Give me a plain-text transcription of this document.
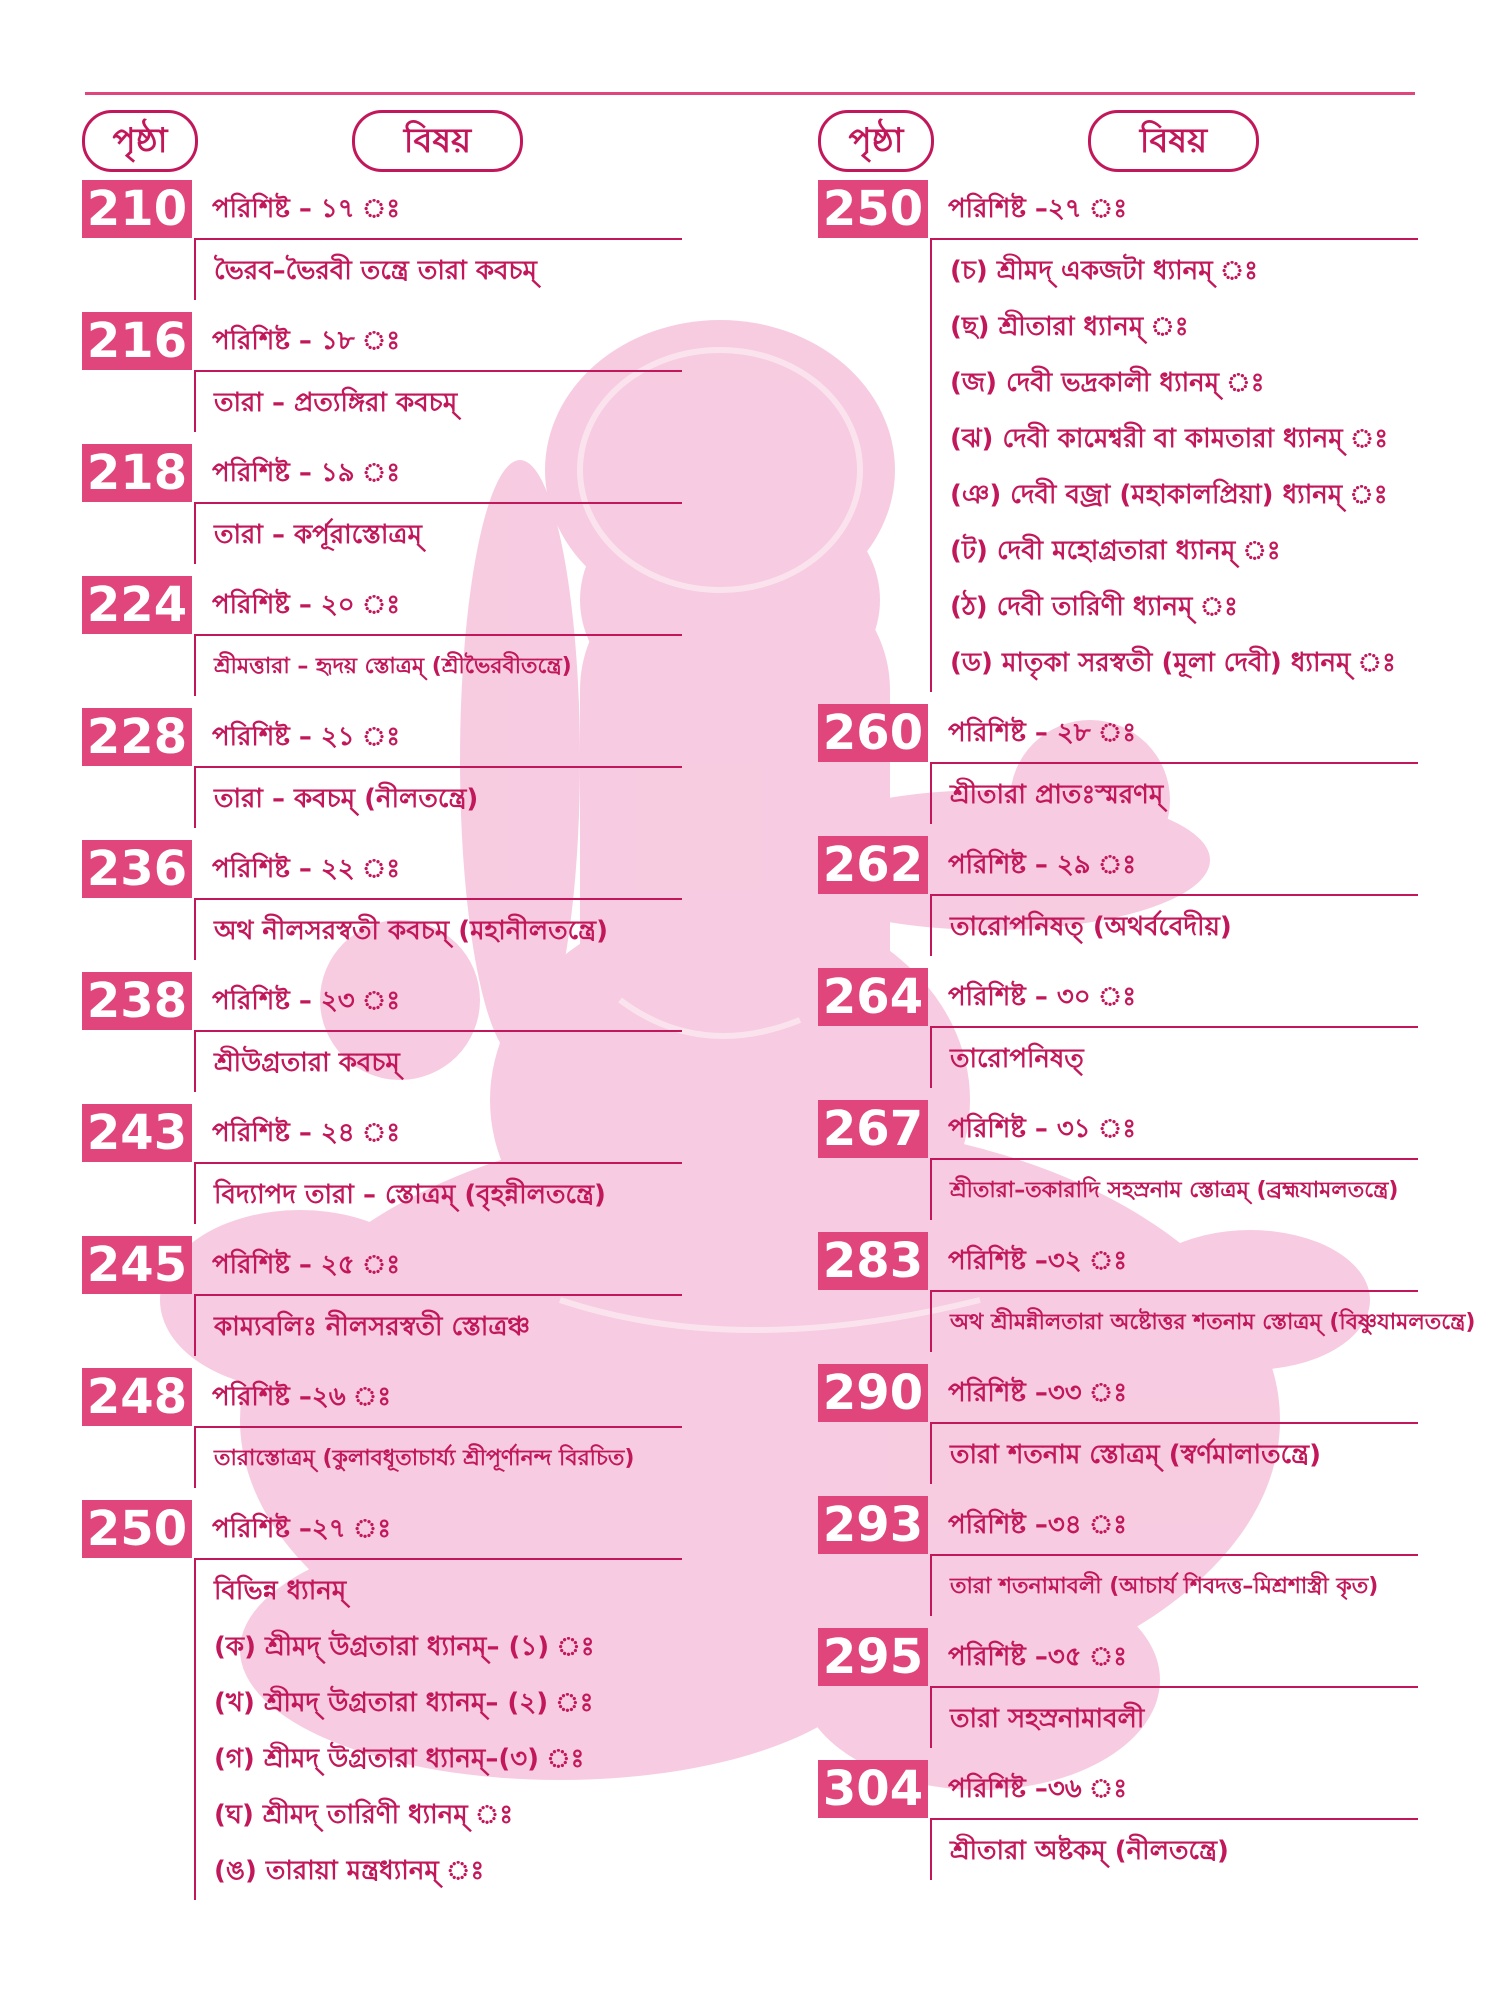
পৃষ্ঠা	বিষয়
210 পরিশিষ্ট – ১৭ ঃ
ভৈরব–ভৈরবী তন্ত্রে তারা কবচম্
216 পরিশিষ্ট – ১৮ ঃ
তারা – প্রত্যঙ্গিরা কবচম্
218 পরিশিষ্ট – ১৯ ঃ
তারা – কর্পূরাস্তোত্রম্
224 পরিশিষ্ট – ২০ ঃ
শ্রীমত্তারা – হৃদয় স্তোত্রম্ (শ্রীভৈরবীতন্ত্রে)
228 পরিশিষ্ট – ২১ ঃ
তারা – কবচম্ (নীলতন্ত্রে)
236 পরিশিষ্ট – ২২ ঃ
অথ নীলসরস্বতী কবচম্ (মহানীলতন্ত্রে)
238 পরিশিষ্ট – ২৩ ঃ
শ্রীউগ্রতারা কবচম্
243 পরিশিষ্ট – ২৪ ঃ
বিদ্যাপদ তারা – স্তোত্রম্ (বৃহন্নীলতন্ত্রে)
245 পরিশিষ্ট – ২৫ ঃ
কাম্যবলিঃ নীলসরস্বতী স্তোত্রঞ্চ
248 পরিশিষ্ট –২৬ ঃ
তারাস্তোত্রম্ (কুলাবধূতাচার্য্য শ্রীপূর্ণানন্দ বিরচিত)
250 পরিশিষ্ট –২৭ ঃ
বিভিন্ন ধ্যানম্
(ক) শ্রীমদ্ উগ্রতারা ধ্যানম্– (১) ঃ
(খ) শ্রীমদ্ উগ্রতারা ধ্যানম্– (২) ঃ
(গ) শ্রীমদ্ উগ্রতারা ধ্যানম্–(৩) ঃ
(ঘ) শ্রীমদ্ তারিণী ধ্যানম্ ঃ
(ঙ) তারায়া মন্ত্রধ্যানম্ ঃ
পৃষ্ঠা	বিষয়
250 পরিশিষ্ট –২৭ ঃ
(চ) শ্রীমদ্ একজটা ধ্যানম্ ঃ
(ছ) শ্রীতারা ধ্যানম্ ঃ
(জ) দেবী ভদ্রকালী ধ্যানম্ ঃ
(ঝ) দেবী কামেশ্বরী বা কামতারা ধ্যানম্ ঃ
(ঞ) দেবী বজ্রা (মহাকালপ্রিয়া) ধ্যানম্ ঃ
(ট) দেবী মহোগ্রতারা ধ্যানম্ ঃ
(ঠ) দেবী তারিণী ধ্যানম্ ঃ
(ড) মাতৃকা সরস্বতী (মূলা দেবী) ধ্যানম্ ঃ
260 পরিশিষ্ট – ২৮ ঃ
শ্রীতারা প্রাতঃস্মরণম্
262 পরিশিষ্ট – ২৯ ঃ
তারোপনিষত্ (অথর্ববেদীয়)
264 পরিশিষ্ট – ৩০ ঃ
তারোপনিষত্
267 পরিশিষ্ট – ৩১ ঃ
শ্রীতারা–তকারাদি সহস্রনাম স্তোত্রম্ (ব্রহ্মযামলতন্ত্রে)
283 পরিশিষ্ট –৩২ ঃ
অথ শ্রীমন্নীলতারা অষ্টোত্তর শতনাম স্তোত্রম্ (বিষ্ণুযামলতন্ত্রে)
290 পরিশিষ্ট –৩৩ ঃ
তারা শতনাম স্তোত্রম্ (স্বর্ণমালাতন্ত্রে)
293 পরিশিষ্ট –৩৪ ঃ
তারা শতনামাবলী (আচার্য শিবদত্ত–মিশ্রশাস্ত্রী কৃত)
295 পরিশিষ্ট –৩৫ ঃ
তারা সহস্রনামাবলী
304 পরিশিষ্ট –৩৬ ঃ
শ্রীতারা অষ্টকম্ (নীলতন্ত্রে)
